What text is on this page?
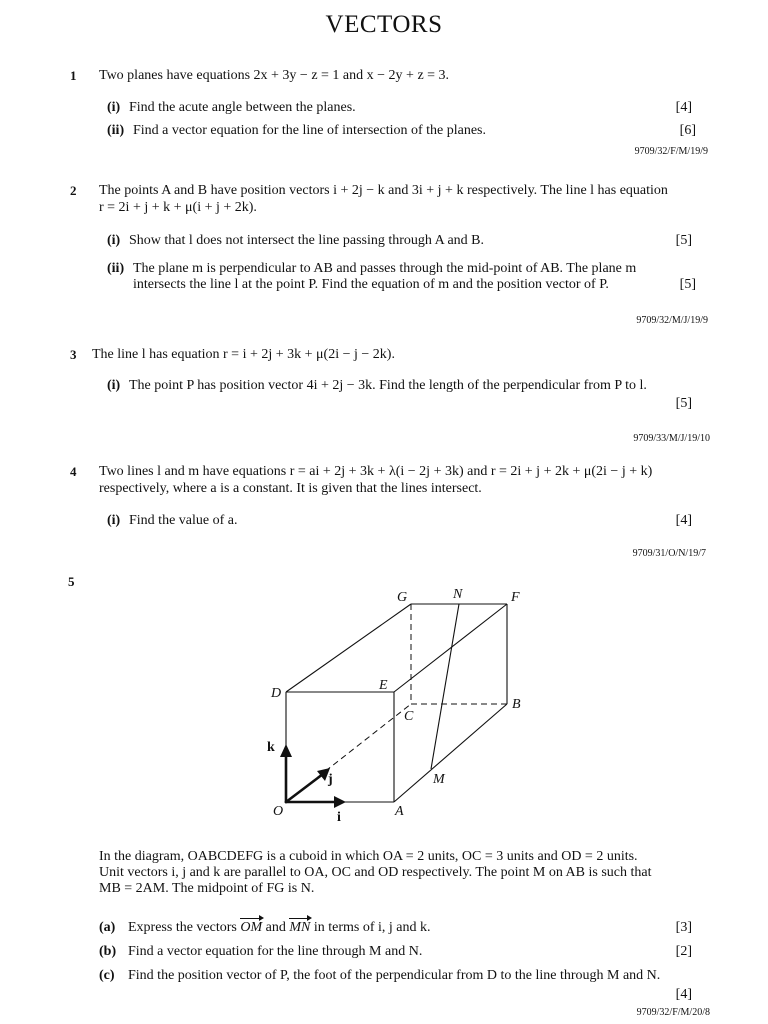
VECTORS
1 Two planes have equations 2x + 3y − z = 1 and x − 2y + z = 3.
(i) Find the acute angle between the planes.	[4]
(ii) Find a vector equation for the line of intersection of the planes.	[6]
9709/32/F/M/19/9
2 The points A and B have position vectors i + 2j − k and 3i + j + k respectively. The line l has equation
r = 2i + j + k + μ(i + j + 2k).
(i) Show that l does not intersect the line passing through A and B.	[5]
(ii) The plane m is perpendicular to AB and passes through the mid-point of AB. The plane m
intersects the line l at the point P. Find the equation of m and the position vector of P.	[5]
9709/32/M/J/19/9
3 The line l has equation r = i + 2j + 3k + μ(2i − j − 2k).
(i) The point P has position vector 4i + 2j − 3k. Find the length of the perpendicular from P to l.
[5]
9709/33/M/J/19/10
4 Two lines l and m have equations r = ai + 2j + 3k + λ(i − 2j + 3k) and r = 2i + j + 2k + μ(2i − j + k)
respectively, where a is a constant. It is given that the lines intersect.
(i) Find the value of a.	[4]
9709/31/O/N/19/7
5
G	N	F
D
E
C
B
k
j	M
O	A
i
In the diagram, OABCDEFG is a cuboid in which OA = 2 units, OC = 3 units and OD = 2 units.
Unit vectors i, j and k are parallel to OA, OC and OD respectively. The point M on AB is such that
MB = 2AM. The midpoint of FG is N.
(a) Express the vectors OM and MN in terms of i, j and k.	[3]
(b) Find a vector equation for the line through M and N.	[2]
(c) Find the position vector of P, the foot of the perpendicular from D to the line through M and N.
[4]
9709/32/F/M/20/8
